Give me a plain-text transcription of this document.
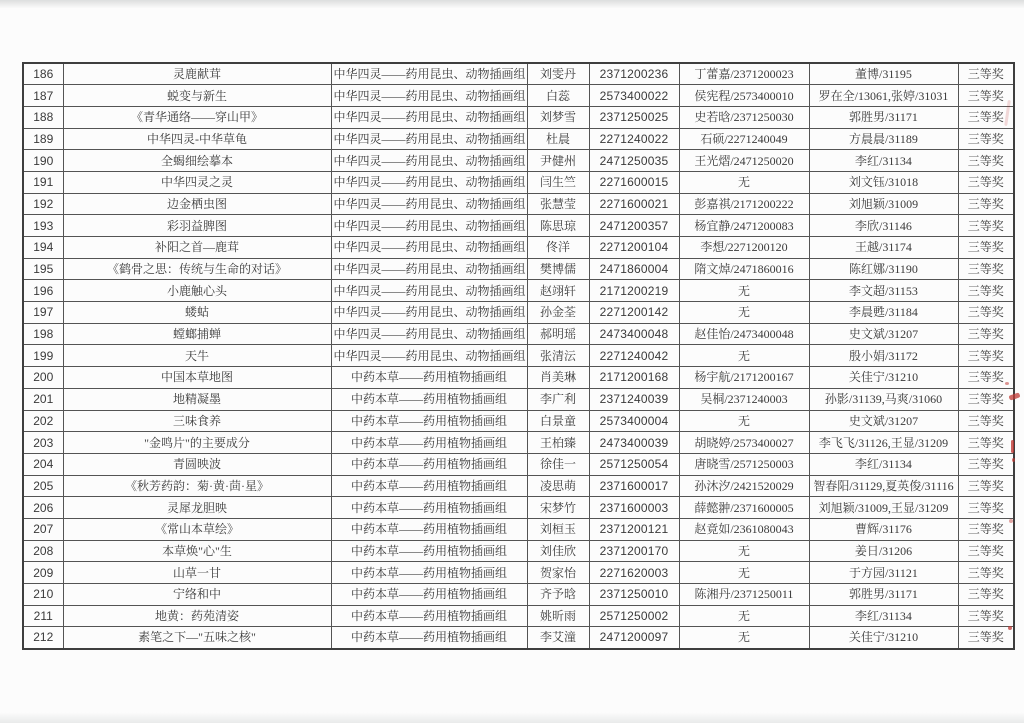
186	灵鹿献茸	中华四灵——药用昆虫、动物插画组	刘雯丹	2371200236	丁蕾嘉/2371200023	董博/31195	三等奖
187	蜕变与新生	中华四灵——药用昆虫、动物插画组	白蕊	2573400022	侯宪程/2573400010	罗在全/13061,张婷/31031	三等奖
188	《青华通络——穿山甲》	中华四灵——药用昆虫、动物插画组	刘梦雪	2371250025	史若晗/2371250030	郭胜男/31171	三等奖
189	中华四灵-中华草龟	中华四灵——药用昆虫、动物插画组	杜晨	2271240022	石硕/2271240049	方晨晨/31189	三等奖
190	全蝎细绘摹本	中华四灵——药用昆虫、动物插画组	尹健州	2471250035	王光熠/2471250020	李红/31134	三等奖
191	中华四灵之灵	中华四灵——药用昆虫、动物插画组	闫生竺	2271600015	无	刘文钰/31018	三等奖
192	边金栖虫图	中华四灵——药用昆虫、动物插画组	张慧莹	2271600021	彭嘉祺/2171200222	刘旭颖/31009	三等奖
193	彩羽益脾图	中华四灵——药用昆虫、动物插画组	陈思琼	2471200357	杨宜静/2471200083	李欣/31146	三等奖
194	补阳之首—鹿茸	中华四灵——药用昆虫、动物插画组	佟洋	2271200104	李想/2271200120	王越/31174	三等奖
195	《鹤骨之思：传统与生命的对话》	中华四灵——药用昆虫、动物插画组	樊博儒	2471860004	隋文焯/2471860016	陈红娜/31190	三等奖
196	小鹿触心头	中华四灵——药用昆虫、动物插画组	赵翊轩	2171200219	无	李文超/31153	三等奖
197	蝼蛄	中华四灵——药用昆虫、动物插画组	孙金荃	2271200142	无	李晨甦/31184	三等奖
198	螳螂捕蝉	中华四灵——药用昆虫、动物插画组	郝明瑶	2473400048	赵佳怡/2473400048	史文斌/31207	三等奖
199	天牛	中华四灵——药用昆虫、动物插画组	张清沄	2271240042	无	殷小娟/31172	三等奖
200	中国本草地图	中药本草——药用植物插画组	肖美琳	2171200168	杨宇航/2171200167	关佳宁/31210	三等奖
201	地精凝墨	中药本草——药用植物插画组	李广利	2371240039	吴桐/2371240003	孙影/31139,马爽/31060	三等奖
202	三味食养	中药本草——药用植物插画组	白景童	2573400004	无	史文斌/31207	三等奖
203	"金鸣片"的主要成分	中药本草——药用植物插画组	王柏臻	2473400039	胡晓婷/2573400027	李飞飞/31126,王显/31209	三等奖
204	青圆映波	中药本草——药用植物插画组	徐佳一	2571250054	唐晓雪/2571250003	李红/31134	三等奖
205	《秋芳药韵：菊·黄·茴·星》	中药本草——药用植物插画组	凌思萌	2371600017	孙沐汐/2421520029	智春阳/31129,夏英俊/31116	三等奖
206	灵犀龙胆映	中药本草——药用植物插画组	宋梦竹	2371600003	薛懿翀/2371600005	刘旭颖/31009,王显/31209	三等奖
207	《常山本草绘》	中药本草——药用植物插画组	刘桓玉	2371200121	赵竟如/2361080043	曹辉/31176	三等奖
208	本草焕"心"生	中药本草——药用植物插画组	刘佳欣	2371200170	无	姜日/31206	三等奖
209	山草一甘	中药本草——药用植物插画组	贺家怡	2271620003	无	于方园/31121	三等奖
210	宁络和中	中药本草——药用植物插画组	齐予晗	2371250010	陈湘丹/2371250011	郭胜男/31171	三等奖
211	地黄：药苑清姿	中药本草——药用植物插画组	姚昕雨	2571250002	无	李红/31134	三等奖
212	素笔之下—"五味之核"	中药本草——药用植物插画组	李艾潼	2471200097	无	关佳宁/31210	三等奖
